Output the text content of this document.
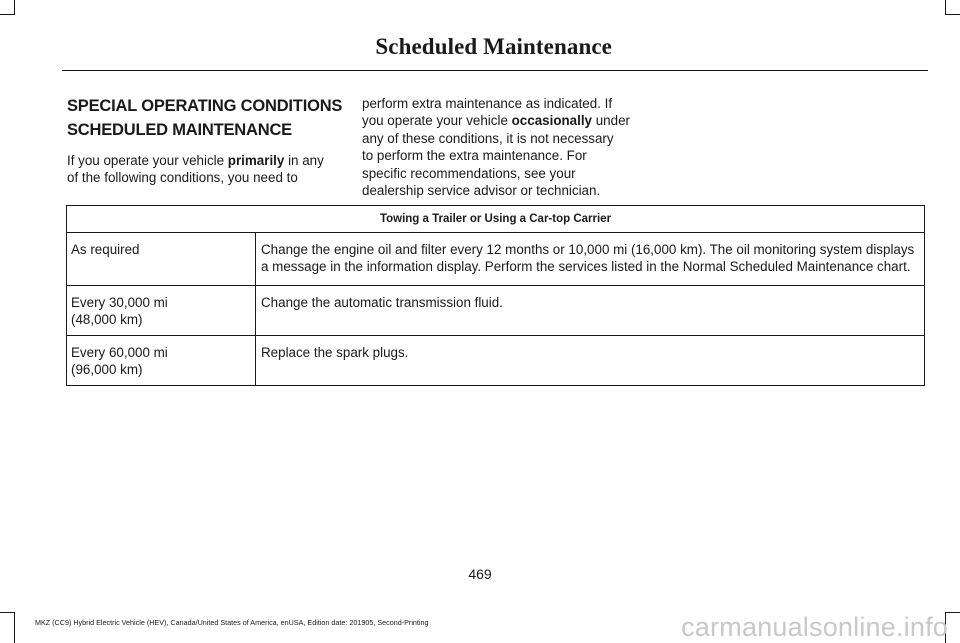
Scheduled Maintenance
SPECIAL OPERATING CONDITIONS
SCHEDULED MAINTENANCE
If you operate your vehicle primarily in any
of the following conditions, you need to
perform extra maintenance as indicated. If
you operate your vehicle occasionally under
any of these conditions, it is not necessary
to perform the extra maintenance. For
specific recommendations, see your
dealership service advisor or technician.
Towing a Trailer or Using a Car-top Carrier	

As required	Change the engine oil and filter every 12 months or 10,000 mi (16,000 km). The oil monitoring system displays
a message in the information display. Perform the services listed in the Normal Scheduled Maintenance chart.

Every 30,000 mi
(48,000 km)	Change the automatic transmission fluid.

Every 60,000 mi
(96,000 km)	Replace the spark plugs.
469
MKZ (CC9) Hybrid Electric Vehicle (HEV), Canada/United States of America, enUSA, Edition date: 201905, Second-Printing	carmanualsonline.info
